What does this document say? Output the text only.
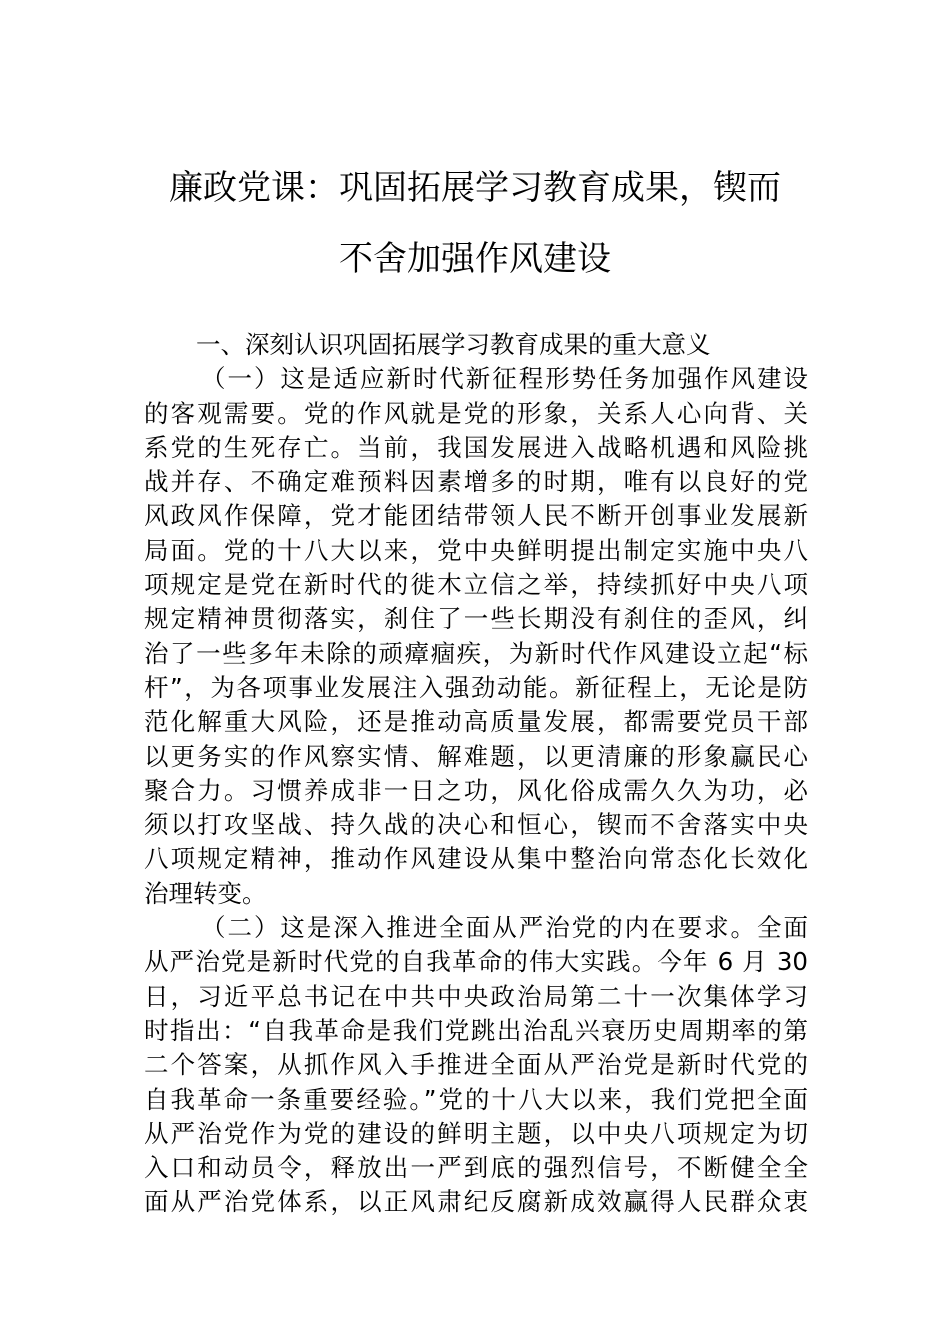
廉政党课：巩固拓展学习教育成果，锲而
不舍加强作风建设
一、深刻认识巩固拓展学习教育成果的重大意义
（一）这是适应新时代新征程形势任务加强作风建设
的客观需要。党的作风就是党的形象，关系人心向背、关
系党的生死存亡。当前，我国发展进入战略机遇和风险挑
战并存、不确定难预料因素增多的时期，唯有以良好的党
风政风作保障，党才能团结带领人民不断开创事业发展新
局面。党的十八大以来，党中央鲜明提出制定实施中央八
项规定是党在新时代的徙木立信之举，持续抓好中央八项
规定精神贯彻落实，刹住了一些长期没有刹住的歪风，纠
治了一些多年未除的顽瘴痼疾，为新时代作风建设立起“标
杆”，为各项事业发展注入强劲动能。新征程上，无论是防
范化解重大风险，还是推动高质量发展，都需要党员干部
以更务实的作风察实情、解难题，以更清廉的形象赢民心
聚合力。习惯养成非一日之功，风化俗成需久久为功，必
须以打攻坚战、持久战的决心和恒心，锲而不舍落实中央
八项规定精神，推动作风建设从集中整治向常态化长效化
治理转变。
（二）这是深入推进全面从严治党的内在要求。全面
从严治党是新时代党的自我革命的伟大实践。今年 6 月 30
日，习近平总书记在中共中央政治局第二十一次集体学习
时指出：“自我革命是我们党跳出治乱兴衰历史周期率的第
二个答案，从抓作风入手推进全面从严治党是新时代党的
自我革命一条重要经验。”党的十八大以来，我们党把全面
从严治党作为党的建设的鲜明主题，以中央八项规定为切
入口和动员令，释放出一严到底的强烈信号，不断健全全
面从严治党体系，以正风肃纪反腐新成效赢得人民群众衷
